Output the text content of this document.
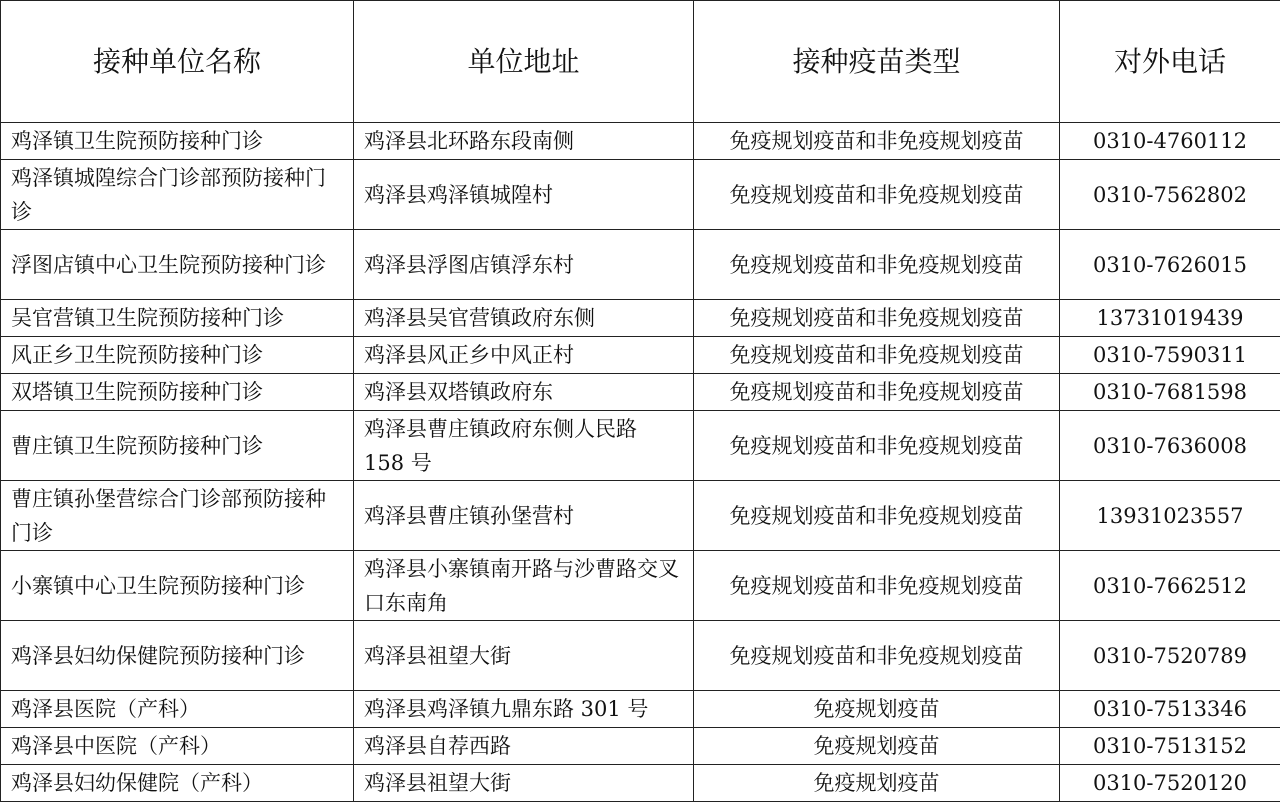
接种单位名称	单位地址	接种疫苗类型	对外电话
鸡泽镇卫生院预防接种门诊	鸡泽县北环路东段南侧	免疫规划疫苗和非免疫规划疫苗	0310-4760112
鸡泽镇城隍综合门诊部预防接种门诊	鸡泽县鸡泽镇城隍村	免疫规划疫苗和非免疫规划疫苗	0310-7562802
浮图店镇中心卫生院预防接种门诊	鸡泽县浮图店镇浮东村	免疫规划疫苗和非免疫规划疫苗	0310-7626015
吴官营镇卫生院预防接种门诊	鸡泽县吴官营镇政府东侧	免疫规划疫苗和非免疫规划疫苗	13731019439
风正乡卫生院预防接种门诊	鸡泽县风正乡中风正村	免疫规划疫苗和非免疫规划疫苗	0310-7590311
双塔镇卫生院预防接种门诊	鸡泽县双塔镇政府东	免疫规划疫苗和非免疫规划疫苗	0310-7681598
曹庄镇卫生院预防接种门诊	鸡泽县曹庄镇政府东侧人民路 158 号	免疫规划疫苗和非免疫规划疫苗	0310-7636008
曹庄镇孙堡营综合门诊部预防接种门诊	鸡泽县曹庄镇孙堡营村	免疫规划疫苗和非免疫规划疫苗	13931023557
小寨镇中心卫生院预防接种门诊	鸡泽县小寨镇南开路与沙曹路交叉口东南角	免疫规划疫苗和非免疫规划疫苗	0310-7662512
鸡泽县妇幼保健院预防接种门诊	鸡泽县祖望大街	免疫规划疫苗和非免疫规划疫苗	0310-7520789
鸡泽县医院（产科）	鸡泽县鸡泽镇九鼎东路 301 号	免疫规划疫苗	0310-7513346
鸡泽县中医院（产科）	鸡泽县自荐西路	免疫规划疫苗	0310-7513152
鸡泽县妇幼保健院（产科）	鸡泽县祖望大街	免疫规划疫苗	0310-7520120
